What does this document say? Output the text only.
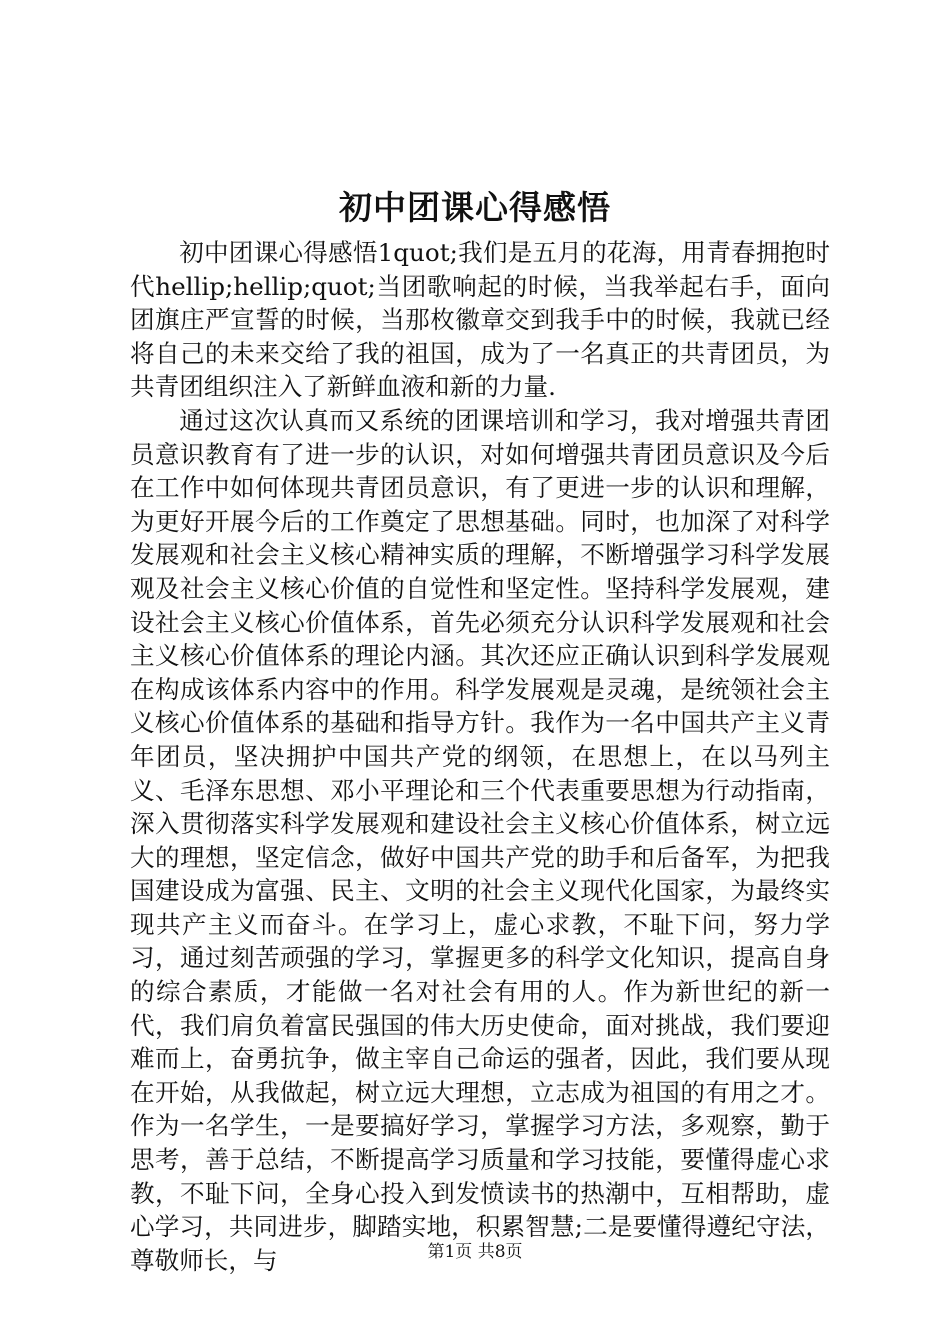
初中团课心得感悟

初中团课心得感悟1quot;我们是五月的花海，用青春拥抱时代hellip;hellip;quot;当团歌响起的时候，当我举起右手，面向团旗庄严宣誓的时候，当那枚徽章交到我手中的时候，我就已经将自己的未来交给了我的祖国，成为了一名真正的共青团员，为共青团组织注入了新鲜血液和新的力量.

通过这次认真而又系统的团课培训和学习，我对增强共青团员意识教育有了进一步的认识，对如何增强共青团员意识及今后在工作中如何体现共青团员意识，有了更进一步的认识和理解，为更好开展今后的工作奠定了思想基础。同时，也加深了对科学发展观和社会主义核心精神实质的理解，不断增强学习科学发展观及社会主义核心价值的自觉性和坚定性。坚持科学发展观，建设社会主义核心价值体系，首先必须充分认识科学发展观和社会主义核心价值体系的理论内涵。其次还应正确认识到科学发展观在构成该体系内容中的作用。科学发展观是灵魂，是统领社会主义核心价值体系的基础和指导方针。我作为一名中国共产主义青年团员，坚决拥护中国共产党的纲领，在思想上，在以马列主义、毛泽东思想、邓小平理论和三个代表重要思想为行动指南，深入贯彻落实科学发展观和建设社会主义核心价值体系，树立远大的理想，坚定信念，做好中国共产党的助手和后备军，为把我国建设成为富强、民主、文明的社会主义现代化国家，为最终实现共产主义而奋斗。在学习上，虚心求教，不耻下问，努力学习，通过刻苦顽强的学习，掌握更多的科学文化知识，提高自身的综合素质，才能做一名对社会有用的人。作为新世纪的新一代，我们肩负着富民强国的伟大历史使命，面对挑战，我们要迎难而上，奋勇抗争，做主宰自己命运的强者，因此，我们要从现在开始，从我做起，树立远大理想，立志成为祖国的有用之才。作为一名学生，一是要搞好学习，掌握学习方法，多观察，勤于思考，善于总结，不断提高学习质量和学习技能，要懂得虚心求教，不耻下问，全身心投入到发愤读书的热潮中，互相帮助，虚心学习，共同进步，脚踏实地，积累智慧;二是要懂得遵纪守法，尊敬师长，与	第1页 共8页
